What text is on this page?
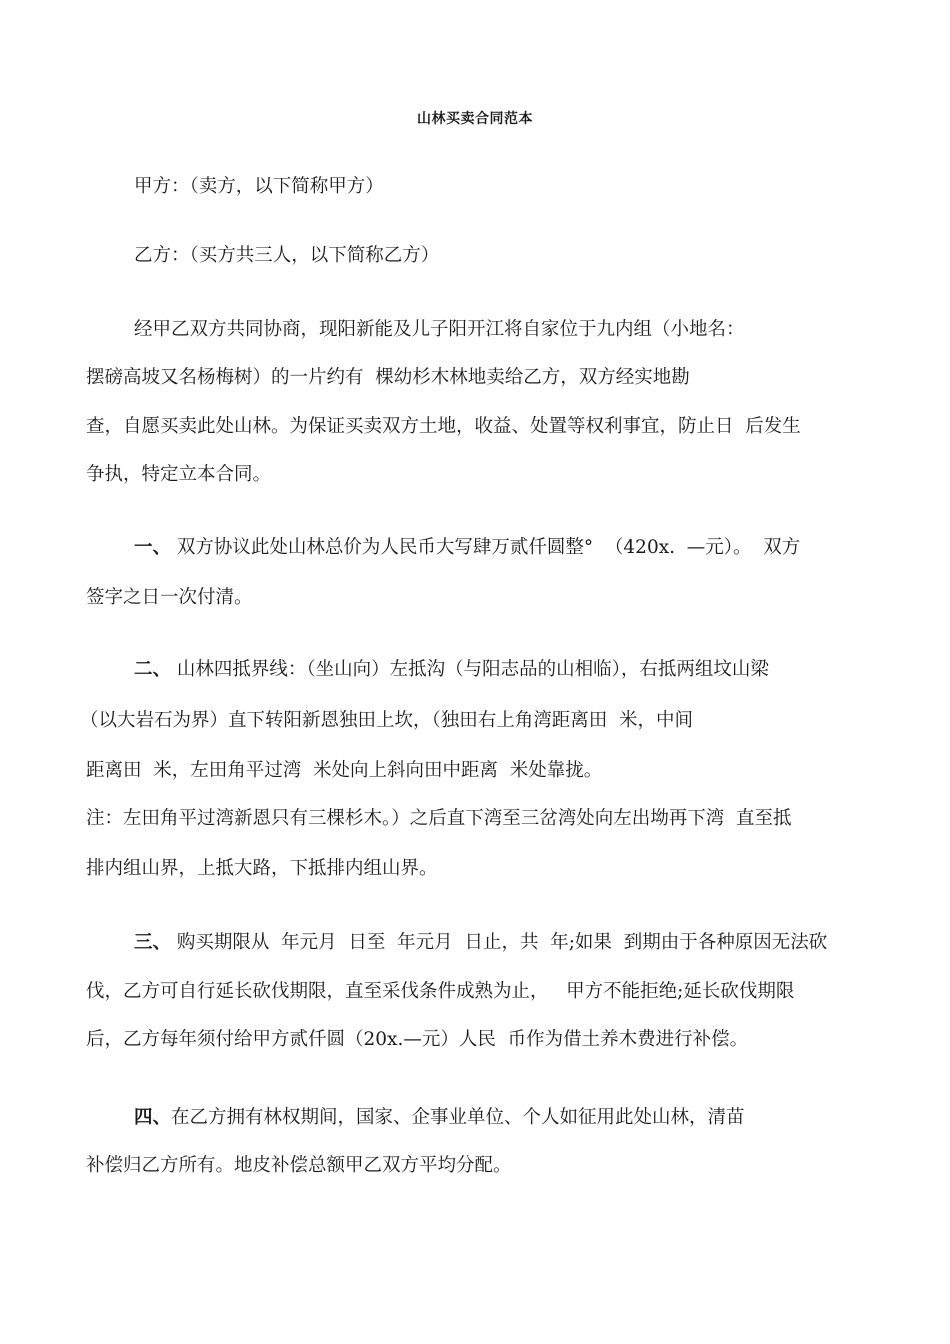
山林买卖合同范本

甲方：（卖方，以下简称甲方）

乙方：（买方共三人，以下简称乙方）

经甲乙双方共同协商，现阳新能及儿子阳开江将自家位于九内组（小地名：

摆磅高坡又名杨梅树）的一片约有  棵幼杉木林地卖给乙方，双方经实地勘

查，自愿买卖此处山林。为保证买卖双方土地，收益、处置等权利事宜，防止日  后发生

争执，特定立本合同。

一、 双方协议此处山林总价为人民币大写肆万贰仟圆整°  （420x.  —元）。  双方

签字之日一次付清。

二、 山林四抵界线：（坐山向）左抵沟（与阳志品的山相临），右抵两组坟山梁

（以大岩石为界）直下转阳新恩独田上坎，（独田右上角湾距离田  米，中间

距离田  米，左田角平过湾  米处向上斜向田中距离  米处靠拢。

注：左田角平过湾新恩只有三棵杉木。）之后直下湾至三岔湾处向左出坳再下湾  直至抵

排内组山界，上抵大路，下抵排内组山界。

三、 购买期限从  年元月  日至  年元月  日止，共  年;如果  到期由于各种原因无法砍

伐，乙方可自行延长砍伐期限，直至采伐条件成熟为止，   甲方不能拒绝;延长砍伐期限

后，乙方每年须付给甲方贰仟圆（20x.—元）人民  币作为借土养木费进行补偿。

四、在乙方拥有林权期间，国家、企事业单位、个人如征用此处山林，清苗

补偿归乙方所有。地皮补偿总额甲乙双方平均分配。
